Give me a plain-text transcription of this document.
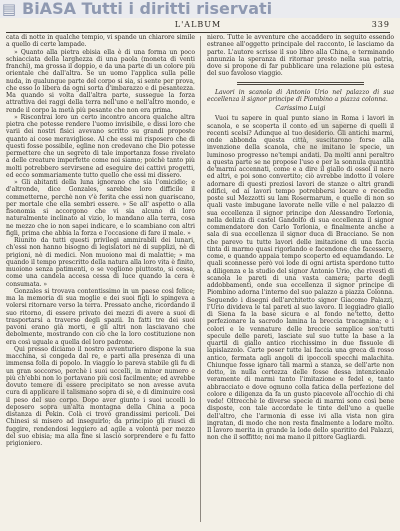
▤ BiASA Tutti i diritti riservati
L'ALBUM	339

cata di notte in qualche tempio, vi spande un chiarore simile a quello di certe lampade.

» Quanto alla pietra ebisia ella è di una forma un poco schiacciata della larghezza di una paola (moneta di venti franchi), ma grossa il doppio, e da una parte di un colore più orientale che dall'altra. Se un uomo l'applica sulla pelle nuda, in qualunque parte del corpo si sia, si sente per prova, che esso lo libera da ogni sorta d'imbarazzo e di pesantezza. Ma quando si volta dall'altra parte, sussegue la forza attrattiva dei raggi della terra nell'uno e nell'altro mondo, e rende il corpo la metà più pesante che non era prima.

» Riscontrai loro un certo incontro ancora qualche altra pietra che potesse rendere l'uomo invisibile, e dissi loro che varii dei nostri fisici avevano scritto su grandi proposte quanto ai cose meravigliose. Al che essi mi risposero che di questi fosse possibile, egline non credevano che Dio potesse permettere che un segreto di tale importanza fosse rivelato a delle creature imperfette come noi siamo; poichè tanto più molti potrebbero servirsene ad eseguire dei cattivi progetti, ed ecco sommariamente tutto quello che essi mi dissero.

» Gli abitanti della luna ignorano che sia l'omicidio; e d'altronde, dice Gonzales, sarebbe loro difficile il commetterne, perchè non v'è ferita che essi non guariscano, per mortale che ella sembri essere. » Se all' aspetto o alla fisonomia si accorgono che vi sia alcuno di loro naturalmente inclinato al vizio, lo mandano alla terra, cosa ne mezzo che io non sapei indicare, e lo scambiano con altri figli, prima che abbia la forza e l'occasione di fare il male. »

Riunito da tutti questi privilegi ammirabili dei lunari, ch'essi non hanno bisogno di legislatori nè di supplizi, nè di prigioni, nè di medici. Non muoiono mai di malattie; » ma quando il tempo prescritto della natura alla loro vita è finito, muoiono senza patimenti, o se vogliono piuttosto, si cessa, come una candela accesa cessa di luce quando la cera è consumata. »

Gonzales si trovava contentissimo in un paese così felice; ma la memoria di sua moglie e dei suoi figli lo spingeva a volersi ritornare verso la terra. Pressato anche, ricordando il suo ritorno, di essere privato dei mezzi di avere a suoi di trasportarsi a traverso degli spazii. In fatti tre dei suoi pavoni erano già morti, e gli altri non lasciavano che debolmente, mostrando con ciò che la loro costituzione non era così uguale a quella del loro padrone.

Qui presso diciamo il nostro avventuriero dispone la sua macchina, si congeda dal re, e parti alla presenza di una immensa folla di popolo. In viaggio lo pareva stabile gli fu di un gran soccorso, perchè i suoi uccelli, in minor numero e più ch'ebbi non lo portavano più così facilmente; ed avrebbe dovuto temere di essere precipitato se non avesse avuta cura di applicare il talismano sopra di sè, e di diminuire così il peso del suo corpo. Dopo aver giunto i suoi uccelli lo deposero sopra un'alta montagna della China a poca distanza di Pekin. Colà ci trovò grandissimi pericoli. Dei Chinesi si misero ad inseguirlo; da principio gli riuscì di fuggire, rendendosi leggiero ad agile a volontà per mezzo del suo ebisia; ma alla fine si lasciò sorprendere e fu fatto prigioniero.

niero. Tutte le avventure che accaddero in seguito essendo estranee all'oggetto principale del racconto, le lasciamo da parte. L'autore scrisse il suo libro alla China, e terminando annunzia la speranza di ritornar presto nella sua patria, dove si propone di far pubblicare una relazione più estesa del suo favoloso viaggio.

Lavori in scanola di Antonio Urio nel palazzo di sua eccellenza il signor principe di Piombino a piazza colonna.
Carissimo Luigi

Vuoi tu sapere in qual punto siano in Roma i lavori in scanola, e se scoperta il conto ed un saperne di quelli il recenti scelsi? Adunque al tuo desiderio. Gli antichi marmi, onde abbonda questa città, suscitarono forse alla invenzione della scanola, che ne imitano le specie, un luminoso progresso ne'tempi andati. Da molti anni peraltro a questa parte se ne propose l'uso e per la sonnula quantità de'marmi accennati, come e a dire il giallo di ossol il nero ed altri, e poi sono convertito; ciò avrebbe indotto il volere adornare di questi preziosi lavori de stanze o altri grandi edifici, ed ai lavori tempo potrebbersi locare e recedin poste sul Mezzotti su lam Rosermarum, e quelle di non so quali vaste imbugane lavorate nelle ville e nel palazzo di sua eccellenza il signor principe don Alessandro Torlonia, nella delizia di castel Gandolfo di sua eccellenza il signor commendatore don Carlo Torlonia, e finalmente anche a sala di sua eccellenza il signor duca di Bracciano. Se non che parevo tu tutte lavori delle imitazione di una faccia tinta di marmo quasi rigorlando e facendone che facessero, come, e quando appaia tempo scoperto ed equamdando. Le quali sconnesse però voi lode di ogni artista sperdono tutto a diligenza e la studio del signor Antonio Urio, che rivestì di scanola le pareti di una vasta camera; parte degli addobbamenti, onde sua eccellenza il signor principe di Piombino adorna l'interno del suo palazzo a piazza Colonna. Seguendo i disegni dell'architetto signor Giacomo Palazzi, l'Urio divideva le tal pareti al suo lavoro. Il leggiadro giallo di Siena fa la base sicura e al fondo ne'tetto, detto perfezionare la sacrodo lamina la breccia tracagnina; e i colori e le vennature delle breccie semplice son'tutti specule delle pareti, lasciate sul suo tutte la base a la quartil di giallo antico ricchissimo in due fissuole di lapislazzolo. Carte poser tutte lai faccia una greca di rosso antico, fermata agli angoli di ipoccoli specchi malachita. Chiunque fosse ignaro tali marmi a stanza, se dell'arte non dotto, in nulla certezza delle fosse dessa intenzionalo veramente di marmi tanto l'imitazione e fedel e, tanto abbracciato e dove ognuno colla fatica della perfezione del colore e diligenza da fa un gusto piacevole all'occhio di chi vede! Oltrecchè le diverse specie di marmi sono così bene disposte, con tale accordate le tinte dell'uno a quelle dell'altro, che l'armonia di esse ivi alla vista non gira ingratan, di modo che non resta finalmente a lodare molto. Il lavoro merita in grande la lode dello sparitito del Palazzi, non che il soffitto; noi ma mano il pittore Gagliardi.
